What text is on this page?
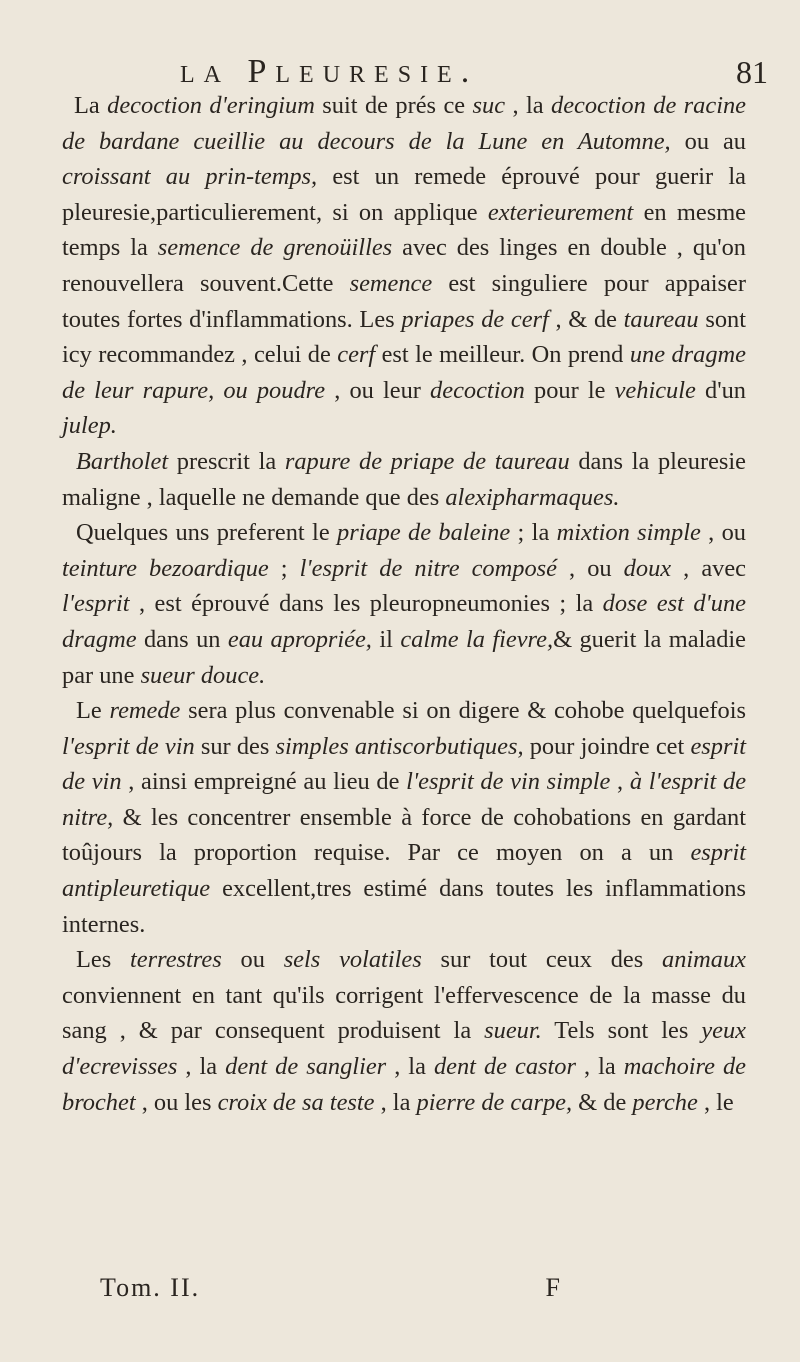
la Pleuresie.	81

La decoction d'eringium suit de prés ce suc , la decoction de racine de bardane cueillie au decours de la Lune en Automne, ou au croissant au prin-temps, est un remede éprouvé pour guerir la pleuresie,particulierement, si on applique exterieurement en mesme temps la semence de grenoüilles avec des linges en double , qu'on renouvellera souvent.Cette semence est singuliere pour appaiser toutes fortes d'inflammations. Les priapes de cerf , & de taureau sont icy recommandez , celui de cerf est le meilleur. On prend une dragme de leur rapure, ou poudre , ou leur decoction pour le vehicule d'un julep.

Bartholet prescrit la rapure de priape de taureau dans la pleuresie maligne , laquelle ne demande que des alexipharmaques.

Quelques uns preferent le priape de baleine ; la mixtion simple , ou teinture bezoardique ; l'esprit de nitre composé , ou doux , avec l'esprit , est éprouvé dans les pleuropneumonies ; la dose est d'une dragme dans un eau apropriée, il calme la fievre,& guerit la maladie par une sueur douce.

Le remede sera plus convenable si on digere & cohobe quelquefois l'esprit de vin sur des simples antiscorbutiques, pour joindre cet esprit de vin , ainsi empreigné au lieu de l'esprit de vin simple , à l'esprit de nitre, & les concentrer ensemble à force de cohobations en gardant toûjours la proportion requise. Par ce moyen on a un esprit antipleuretique excellent,tres estimé dans toutes les inflammations internes.

Les terrestres ou sels volatiles sur tout ceux des animaux conviennent en tant qu'ils corrigent l'effervescence de la masse du sang , & par consequent produisent la sueur. Tels sont les yeux d'ecrevisses , la dent de sanglier , la dent de castor , la machoire de brochet , ou les croix de sa teste , la pierre de carpe, & de perche , le

Tom. II.	F
